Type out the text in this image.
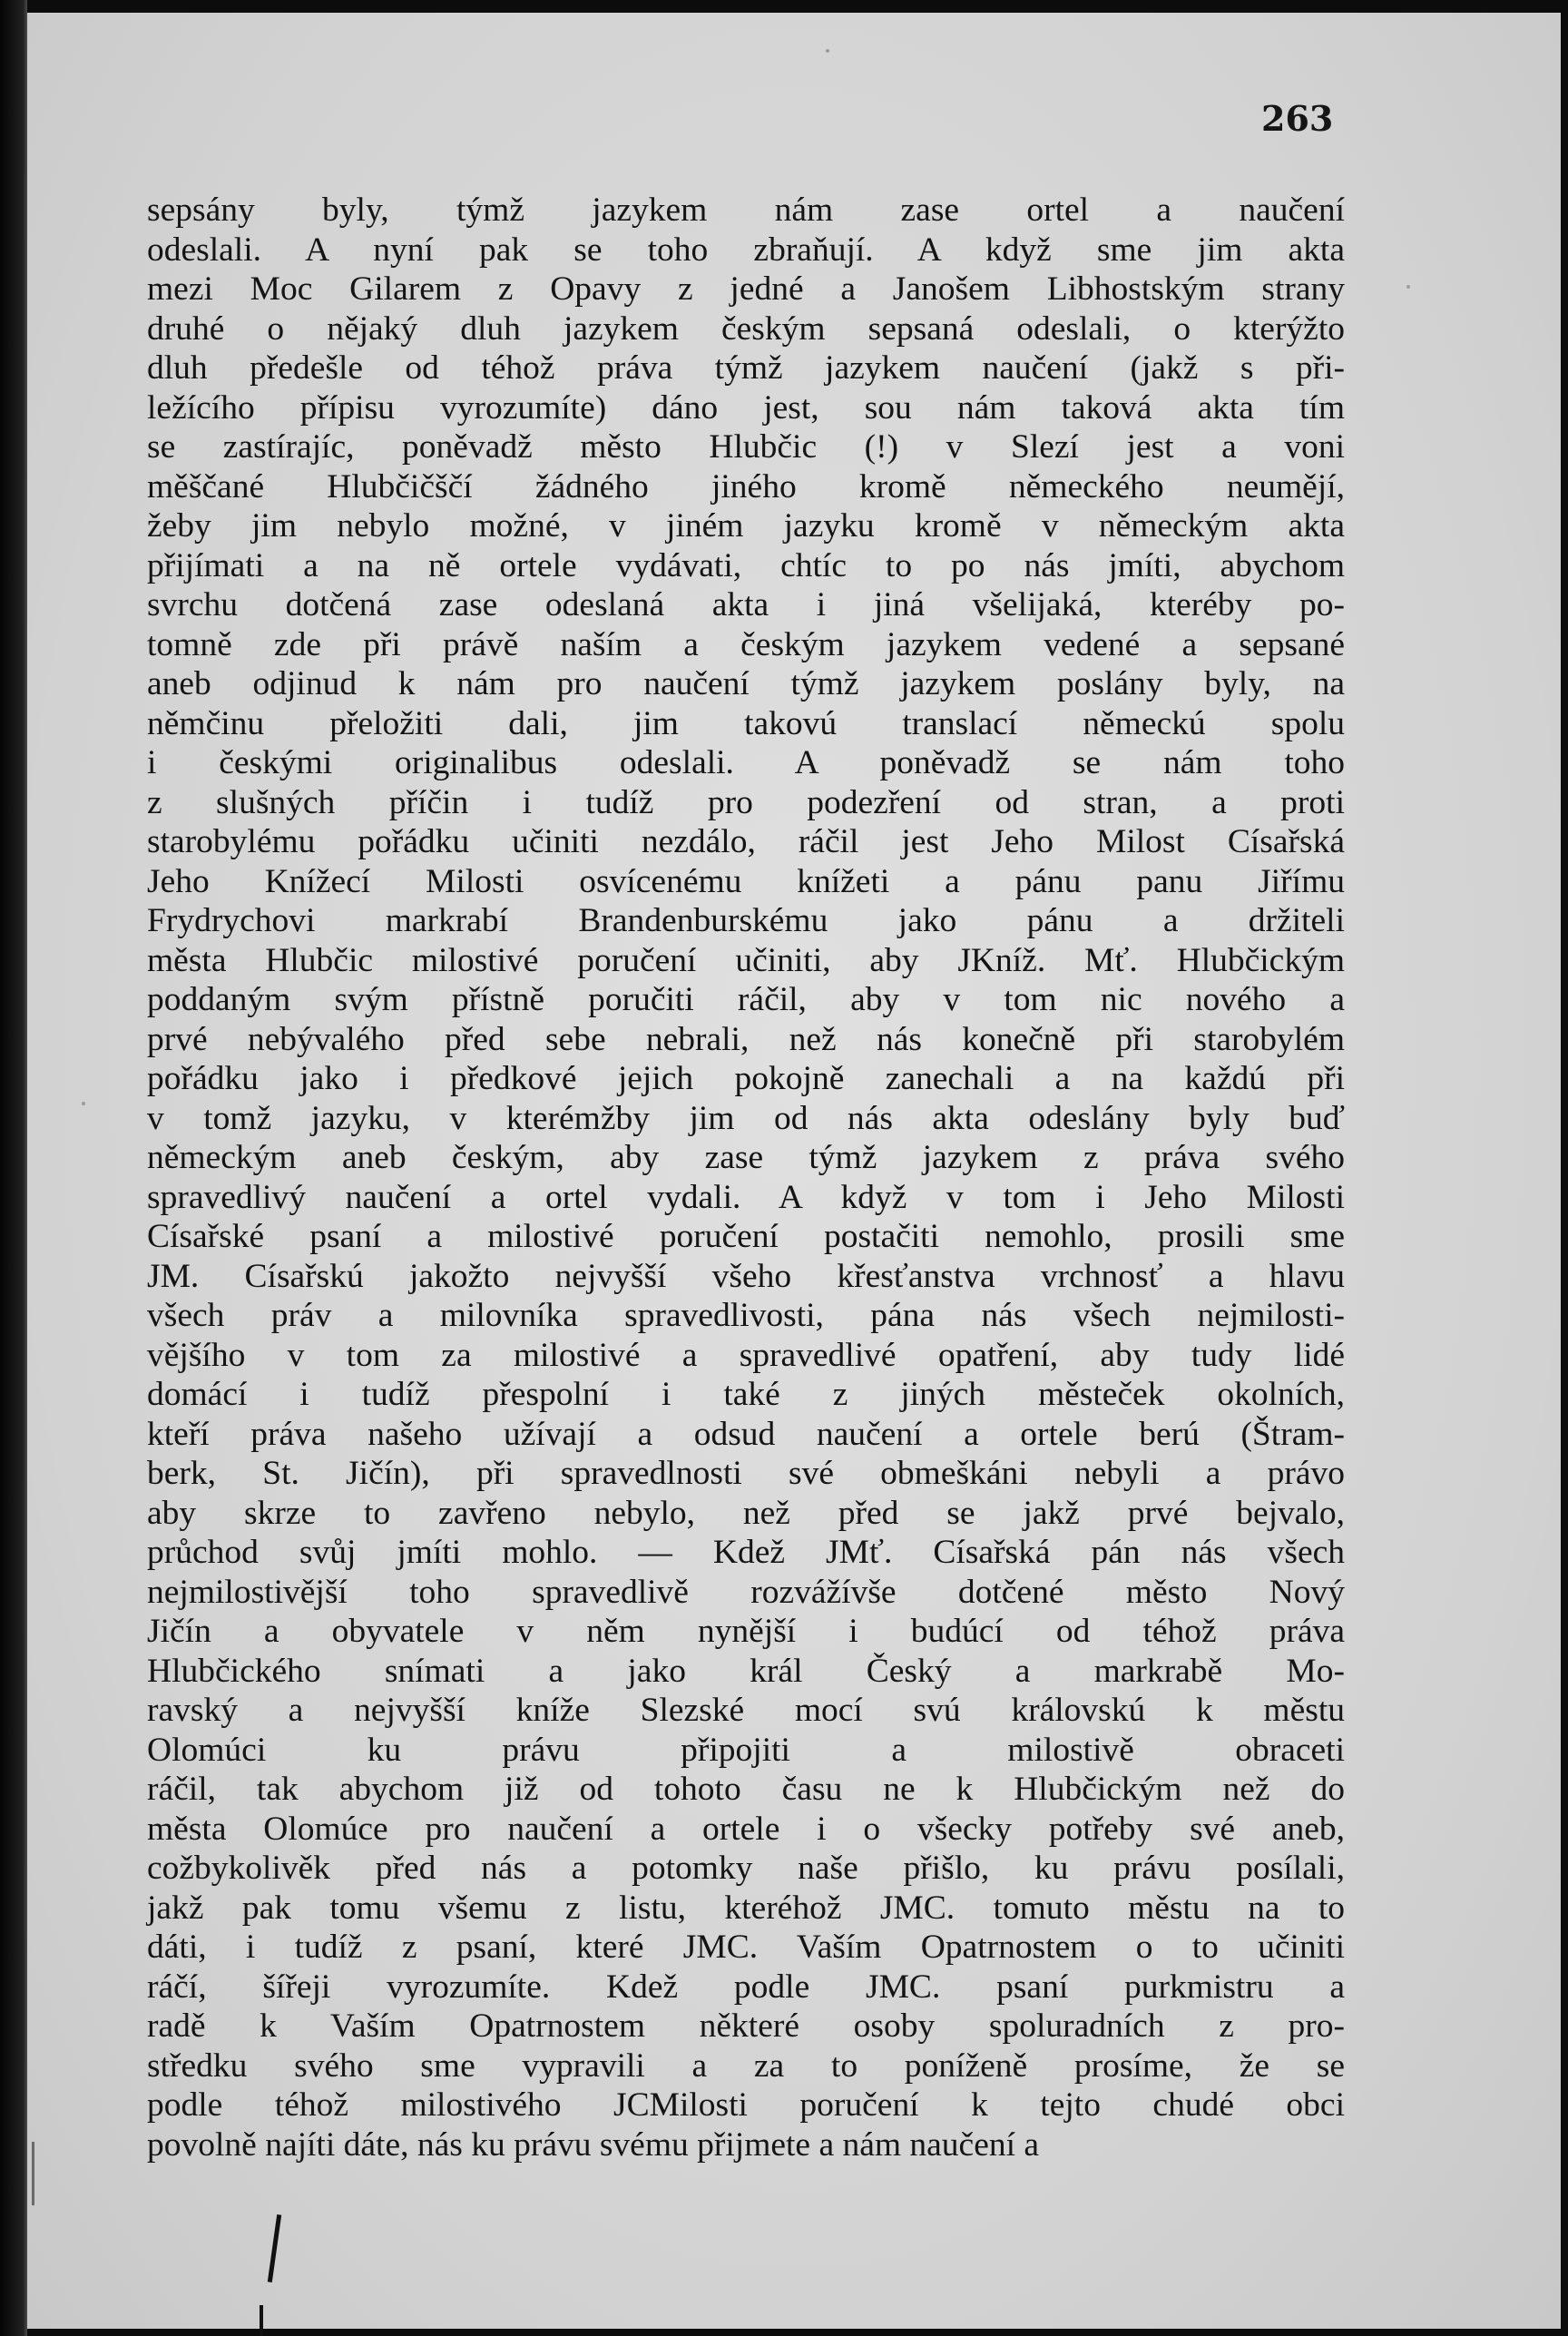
263

sepsány byly, týmž jazykem nám zase ortel a naučení
odeslali. A nyní pak se toho zbraňují. A když sme jim akta
mezi Moc Gilarem z Opavy z jedné a Janošem Libhostským strany
druhé o nějaký dluh jazykem českým sepsaná odeslali, o kterýžto
dluh předešle od téhož práva týmž jazykem naučení (jakž s při-
ležícího přípisu vyrozumíte) dáno jest, sou nám taková akta tím
se zastírajíc, poněvadž město Hlubčic (!) v Slezí jest a voni
měščané Hlubčičščí žádného jiného kromě německého neumějí,
žeby jim nebylo možné, v jiném jazyku kromě v německým akta
přijímati a na ně ortele vydávati, chtíc to po nás jmíti, abychom
svrchu dotčená zase odeslaná akta i jiná všelijaká, kteréby po-
tomně zde při právě naším a českým jazykem vedené a sepsané
aneb odjinud k nám pro naučení týmž jazykem poslány byly, na
němčinu přeložiti dali, jim takovú translací německú spolu
i českými originalibus odeslali. A poněvadž se nám toho
z slušných příčin i tudíž pro podezření od stran, a proti
starobylému pořádku učiniti nezdálo, ráčil jest Jeho Milost Císařská
Jeho Knížecí Milosti osvícenému knížeti a pánu panu Jiřímu
Frydrychovi markrabí Brandenburskému jako pánu a držiteli
města Hlubčic milostivé poručení učiniti, aby JKníž. Mť. Hlubčickým
poddaným svým přístně poručiti ráčil, aby v tom nic nového a
prvé nebývalého před sebe nebrali, než nás konečně při starobylém
pořádku jako i předkové jejich pokojně zanechali a na každú při
v tomž jazyku, v kterémžby jim od nás akta odeslány byly buď
německým aneb českým, aby zase týmž jazykem z práva svého
spravedlivý naučení a ortel vydali. A když v tom i Jeho Milosti
Císařské psaní a milostivé poručení postačiti nemohlo, prosili sme
JM. Císařskú jakožto nejvyšší všeho křesťanstva vrchnosť a hlavu
všech práv a milovníka spravedlivosti, pána nás všech nejmilosti-
vějšího v tom za milostivé a spravedlivé opatření, aby tudy lidé
domácí i tudíž přespolní i také z jiných městeček okolních,
kteří práva našeho užívají a odsud naučení a ortele berú (Štram-
berk, St. Jičín), při spravedlnosti své obmeškáni nebyli a právo
aby skrze to zavřeno nebylo, než před se jakž prvé bejvalo,
průchod svůj jmíti mohlo. — Kdež JMť. Císařská pán nás všech
nejmilostivější toho spravedlivě rozvážívše dotčené město Nový
Jičín a obyvatele v něm nynější i budúcí od téhož práva
Hlubčického snímati a jako král Český a markrabě Mo-
ravský a nejvyšší kníže Slezské mocí svú královskú k městu
Olomúci ku právu připojiti a milostivě obraceti
ráčil, tak abychom již od tohoto času ne k Hlubčickým než do
města Olomúce pro naučení a ortele i o všecky potřeby své aneb,
cožbykolivěk před nás a potomky naše přišlo, ku právu posílali,
jakž pak tomu všemu z listu, kteréhož JMC. tomuto městu na to
dáti, i tudíž z psaní, které JMC. Vaším Opatrnostem o to učiniti
ráčí, šířeji vyrozumíte. Kdež podle JMC. psaní purkmistru a
radě k Vaším Opatrnostem některé osoby spoluradních z pro-
středku svého sme vypravili a za to poníženě prosíme, že se
podle téhož milostivého JCMilosti poručení k tejto chudé obci
povolně najíti dáte, nás ku právu svému přijmete a nám naučení a
